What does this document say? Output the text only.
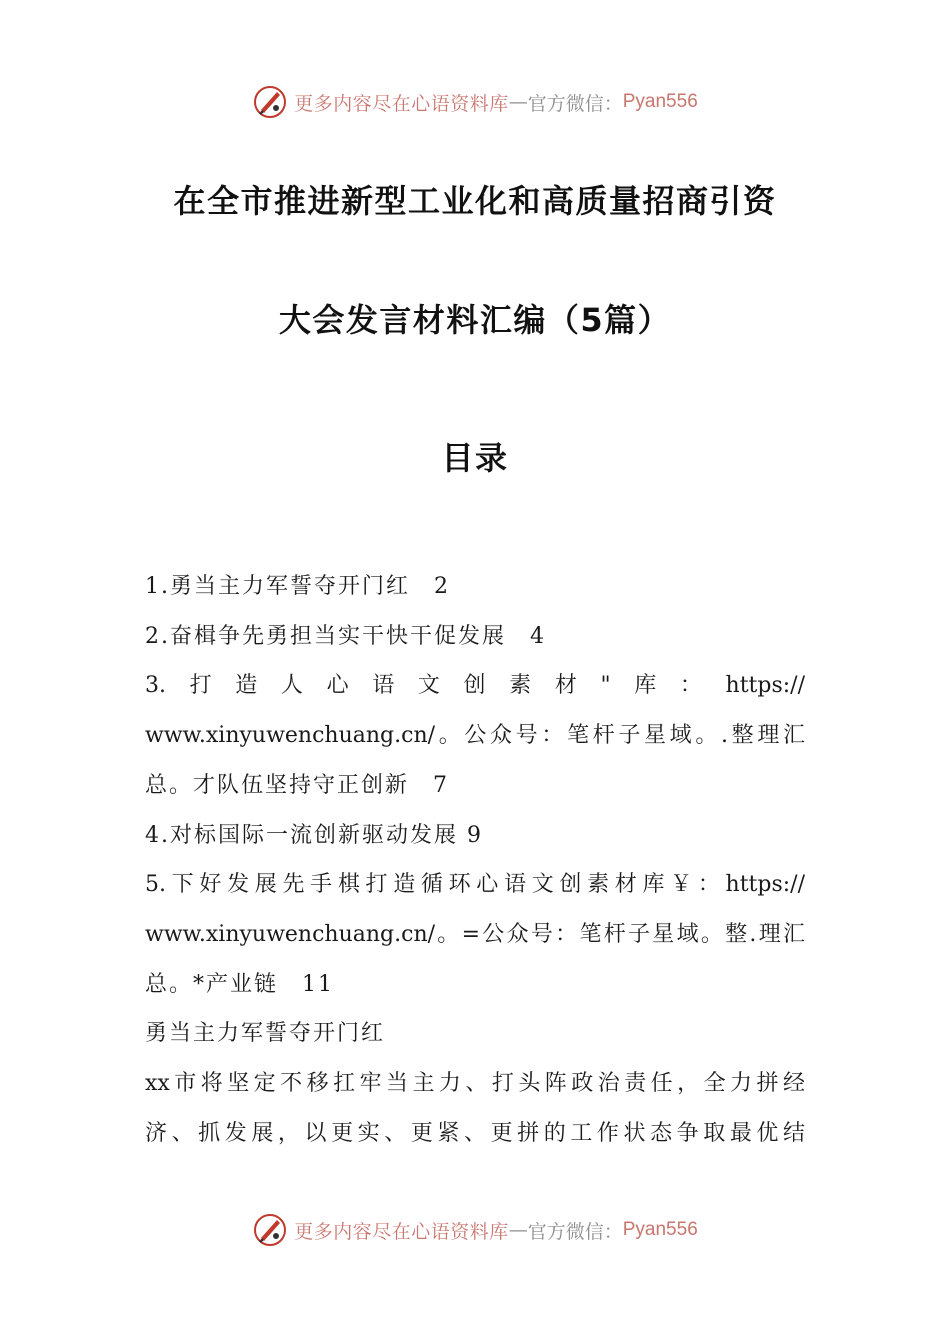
更多内容尽在心语资料库 — 官方微信： Pyan556
在全市推进新型工业化和高质量招商引资
大会发言材料汇编（5篇）
目录

1.勇当主力军誓夺开门红　2

2.奋楫争先勇担当实干快干促发展　4

3.打造人心语文创素材"库：https://

www.xinyuwenchuang.cn/。公众号：笔杆子星域。.整理汇

总。才队伍坚持守正创新　7

4.对标国际一流创新驱动发展 9

5.下好发展先手棋打造循环心语文创素材库￥：https://

www.xinyuwenchuang.cn/。=公众号：笔杆子星域。整.理汇

总。*产业链　11

勇当主力军誓夺开门红

xx市将坚定不移扛牢当主力、打头阵政治责任，全力拼经

济、抓发展，以更实、更紧、更拼的工作状态争取最优结

更多内容尽在心语资料库 — 官方微信： Pyan556
